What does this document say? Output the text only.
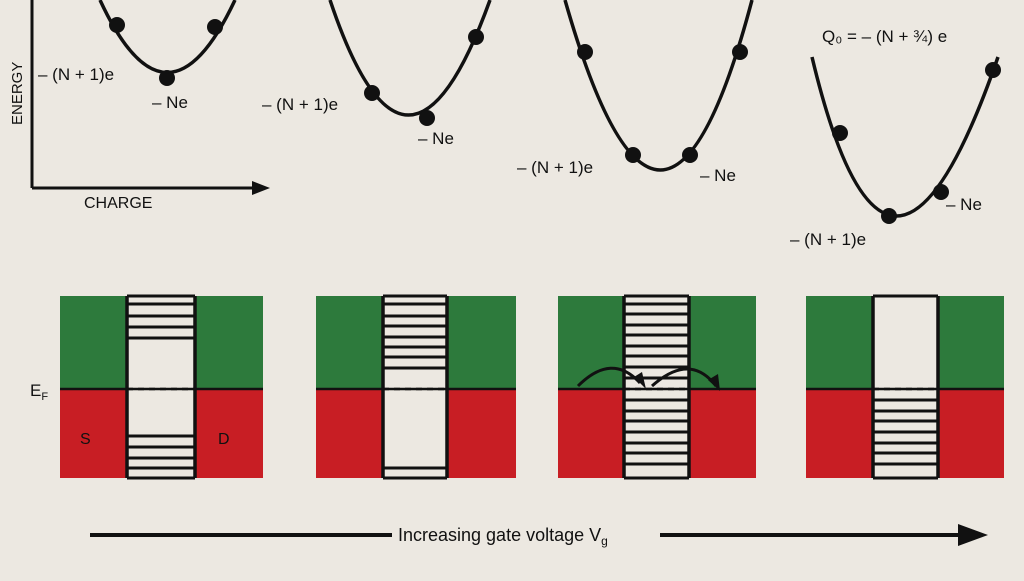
ENERGY
CHARGE
– (N + 1)e
– Ne	– (N + 1)e
– Ne
– (N + 1)e	– Ne
Q₀ = – (N + ¾) e
– Ne
– (N + 1)e
$E_F$
S	D
Increasing gate voltage $V_g$
